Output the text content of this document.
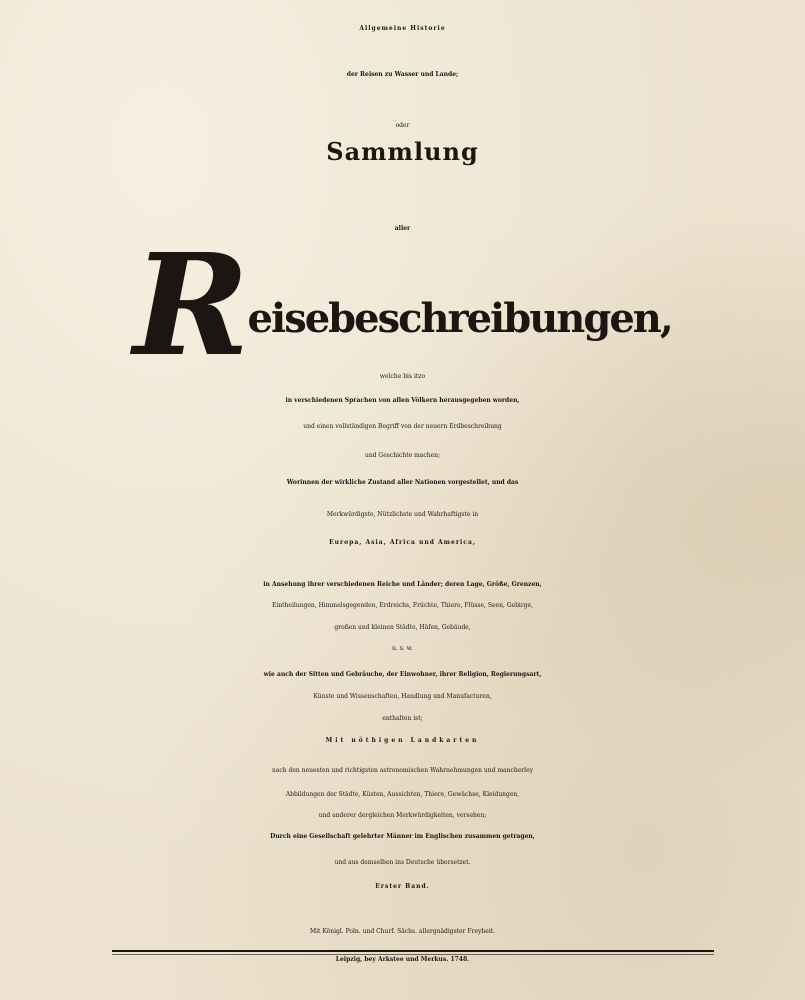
Allgemeine Historie
der Reisen zu Wasser und Lande;
oder
Sammlung
aller
Reisebeschreibungen,
welche bis itzo
in verschiedenen Sprachen von allen Völkern herausgegeben worden,
und einen vollständigen Begriff von der neuern Erdbeschreibung
und Geschichte machen;
Worinnen der wirkliche Zustand aller Nationen vorgestellet, und das
Merkwürdigste, Nützlichste und Wahrhaftigste in
Europa, Asia, Africa und America,
in Ansehung ihrer verschiedenen Reiche und Länder; deren Lage, Größe, Grenzen,
Eintheilungen, Himmelsgegenden, Erdreichs, Früchte, Thiere, Flüsse, Seen, Gebirge,
großen und kleinen Städte, Häfen, Gebäude,
u. s. w.
wie auch der Sitten und Gebräuche, der Einwohner, ihrer Religion, Regierungsart,
Künste und Wissenschaften, Handlung und Manufacturen,
enthalten ist;
Mit nöthigen Landkarten
nach den neuesten und richtigsten astronomischen Wahrnehmungen und mancherley
Abbildungen der Städte, Küsten, Aussichten, Thiere, Gewächse, Kleidungen,
und anderer dergleichen Merkwürdigkeiten, versehen;
Durch eine Gesellschaft gelehrter Männer im Englischen zusammen getragen,
und aus demselben ins Deutsche übersetzet.
Erster Band.
Mit Königl. Poln. und Churf. Sächs. allergnädigster Freyheit.
Leipzig, bey Arkstee und Merkus. 1748.
